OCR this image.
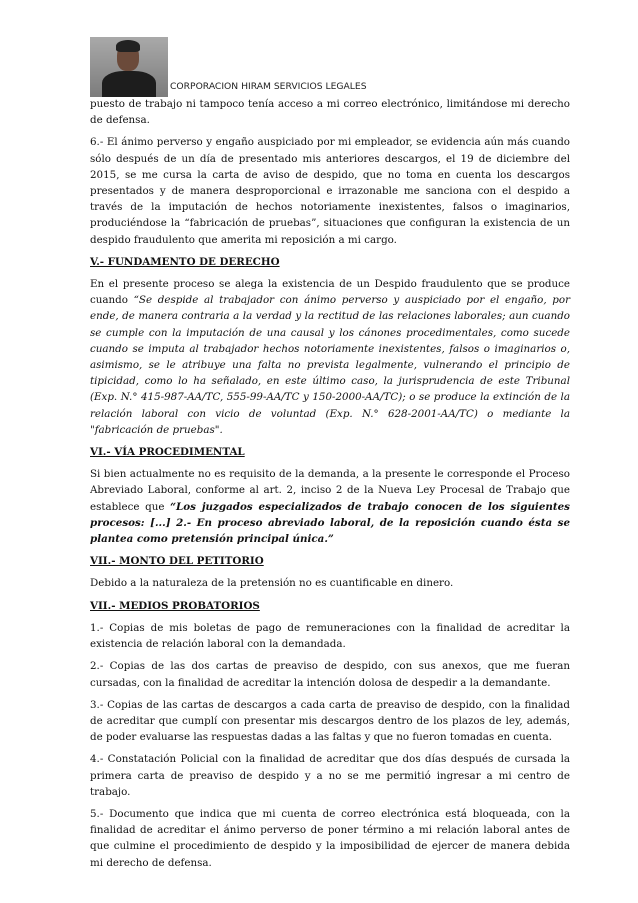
CORPORACION HIRAM SERVICIOS LEGALES

puesto de trabajo ni tampoco tenía acceso a mi correo electrónico, limitándose mi derecho de defensa.

6.- El ánimo perverso y engaño auspiciado por mi empleador, se evidencia aún más cuando sólo después de un día de presentado mis anteriores descargos, el 19 de diciembre del 2015, se me cursa la carta de aviso de despido, que no toma en cuenta los descargos presentados y de manera desproporcional e irrazonable me sanciona con el despido a través de la imputación de hechos notoriamente inexistentes, falsos o imaginarios, produciéndose la “fabricación de pruebas”, situaciones que configuran la existencia de un despido fraudulento que amerita mi reposición a mi cargo.

V.- FUNDAMENTO DE DERECHO

En el presente proceso se alega la existencia de un Despido fraudulento que se produce cuando “Se despide al trabajador con ánimo perverso y auspiciado por el engaño, por ende, de manera contraria a la verdad y la rectitud de las relaciones laborales; aun cuando se cumple con la imputación de una causal y los cánones procedimentales, como sucede cuando se imputa al trabajador hechos notoriamente inexistentes, falsos o imaginarios o, asimismo, se le atribuye una falta no prevista legalmente, vulnerando el principio de tipicidad, como lo ha señalado, en este último caso, la jurisprudencia de este Tribunal (Exp. N.° 415-987-AA/TC, 555-99-AA/TC y 150-2000-AA/TC); o se produce la extinción de la relación laboral con vicio de voluntad (Exp. N.° 628-2001-AA/TC) o mediante la "fabricación de pruebas".

VI.- VÍA PROCEDIMENTAL

Si bien actualmente no es requisito de la demanda, a la presente le corresponde el Proceso Abreviado Laboral, conforme al art. 2, inciso 2 de la Nueva Ley Procesal de Trabajo que establece que “Los juzgados especializados de trabajo conocen de los siguientes procesos: [...] 2.- En proceso abreviado laboral, de la reposición cuando ésta se plantea como pretensión principal única.”

VII.- MONTO DEL PETITORIO

Debido a la naturaleza de la pretensión no es cuantificable en dinero.

VII.- MEDIOS PROBATORIOS

1.- Copias de mis boletas de pago de remuneraciones con la finalidad de acreditar la existencia de relación laboral con la demandada.

2.- Copias de las dos cartas de preaviso de despido, con sus anexos, que me fueran cursadas, con la finalidad de acreditar la intención dolosa de despedir a la demandante.

3.- Copias de las cartas de descargos a cada carta de preaviso de despido, con la finalidad de acreditar que cumplí con presentar mis descargos dentro de los plazos de ley, además, de poder evaluarse las respuestas dadas a las faltas y que no fueron tomadas en cuenta.

4.- Constatación Policial con la finalidad de acreditar que dos días después de cursada la primera carta de preaviso de despido y a no se me permitió ingresar a mi centro de trabajo.

5.- Documento que indica que mi cuenta de correo electrónica está bloqueada, con la finalidad de acreditar el ánimo perverso de poner término a mi relación laboral antes de que culmine el procedimiento de despido y la imposibilidad de ejercer de manera debida mi derecho de defensa.
